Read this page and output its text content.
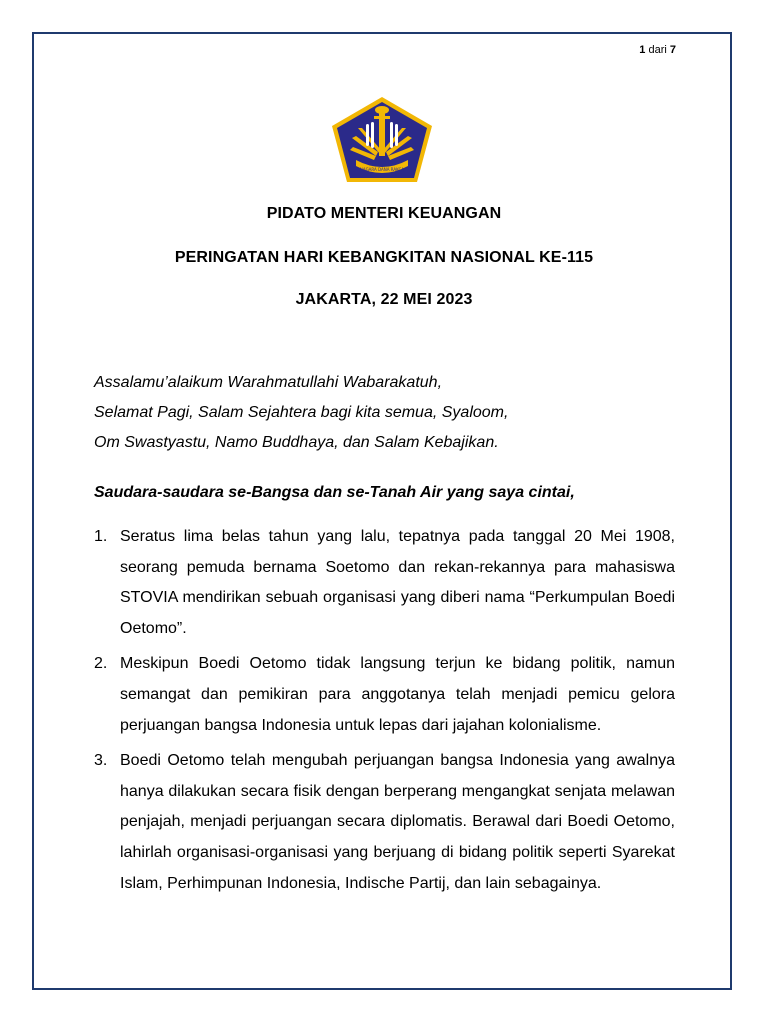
1 dari 7
NAGARA DANA RAKCA
PIDATO MENTERI KEUANGAN
PERINGATAN HARI KEBANGKITAN NASIONAL KE-115
JAKARTA, 22 MEI 2023
Assalamu’alaikum Warahmatullahi Wabarakatuh,
Selamat Pagi, Salam Sejahtera bagi kita semua, Syaloom,
Om Swastyastu, Namo Buddhaya, dan Salam Kebajikan.
Saudara-saudara se-Bangsa dan se-Tanah Air yang saya cintai,
1. Seratus lima belas tahun yang lalu, tepatnya pada tanggal 20 Mei 1908, seorang pemuda bernama Soetomo dan rekan-rekannya para mahasiswa STOVIA mendirikan sebuah organisasi yang diberi nama “Perkumpulan Boedi Oetomo”.
2. Meskipun Boedi Oetomo tidak langsung terjun ke bidang politik, namun semangat dan pemikiran para anggotanya telah menjadi pemicu gelora perjuangan bangsa Indonesia untuk lepas dari jajahan kolonialisme.
3. Boedi Oetomo telah mengubah perjuangan bangsa Indonesia yang awalnya hanya dilakukan secara fisik dengan berperang mengangkat senjata melawan penjajah, menjadi perjuangan secara diplomatis. Berawal dari Boedi Oetomo, lahirlah organisasi-organisasi yang berjuang di bidang politik seperti Syarekat Islam, Perhimpunan Indonesia, Indische Partij, dan lain sebagainya.
